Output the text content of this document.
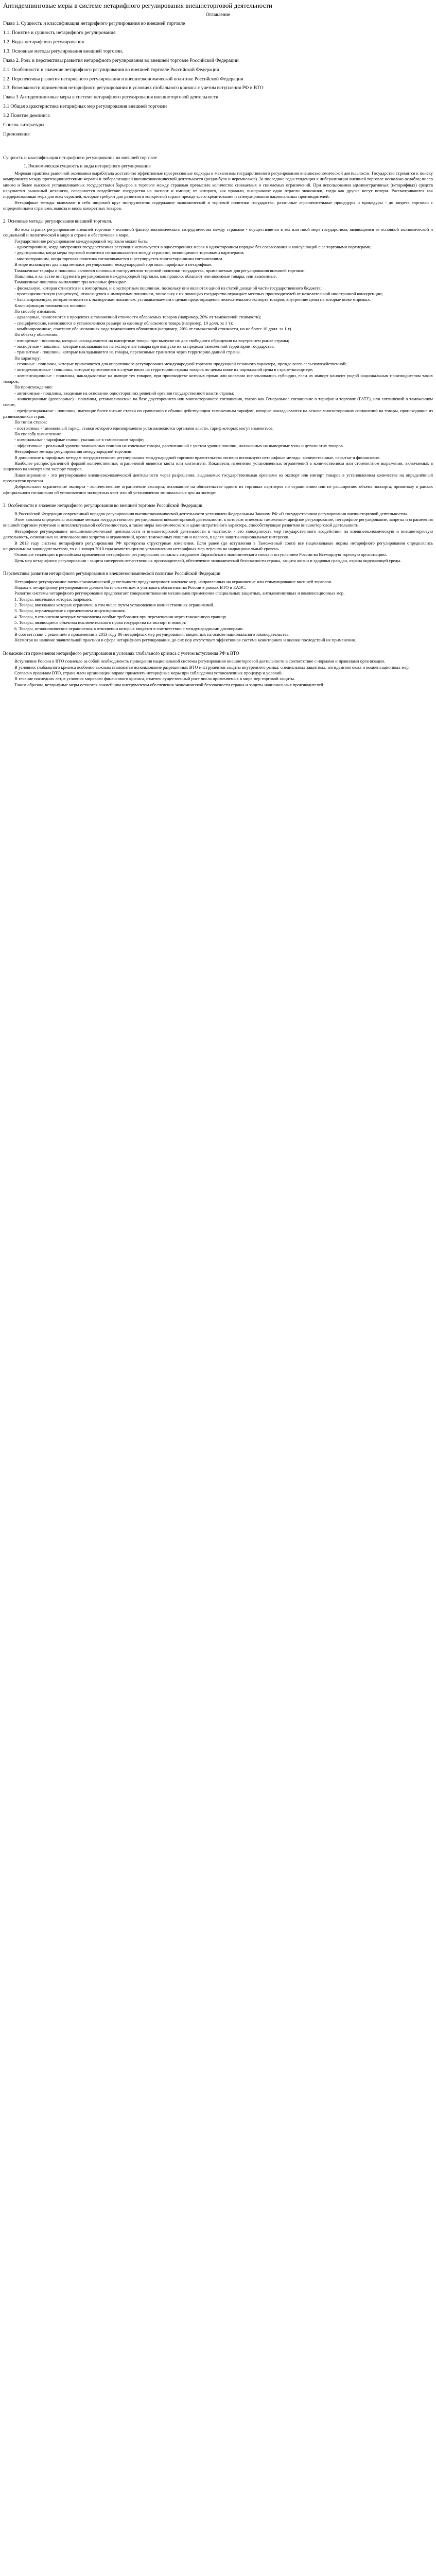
Антидемпинговые меры в системе нетарифного регулирования внешнеторговой деятельности
Оглавление
Глава 1. Сущность и классификация нетарифного регулирования во внешней торговле
1.1. Понятие и сущность нетарифного регулирования
1.2. Виды нетарифного регулирования
1.3. Основные методы регулирования внешней торговли.
Глава 2. Роль и перспективы развития нетарифного регулирования во внешней торговле Российской Федерации
2.1. Особенности и значение нетарифного регулирования во внешней торговле Российской Федерации
2.2. Перспективы развития нетарифного регулирования в внешнеэкономической политике Российской Федерации
2.3. Возможности применения нетарифного регулирования в условиях глобального кризиса с учетом вступления РФ в ВТО
Глава 3 Антидемпинговые меры в системе нетарифного регулирования внешнеторговой деятельности
3.1 Общая характеристика нетарифных мер регулирования внешней торговли
3.2 Понятие демпинга
Список литературы
Приложения
Сущность и классификация нетарифного регулирования во внешней торговле
1. Экономическая сущность и виды нетарифного регулирования

Мировая практика рыночной экономики выработала достаточно эффективные прогрессивные подходы и механизмы государственного регулирования внешнеэкономической деятельности. Государство стремится к поиску компромисса между протекционистскими мерами и либерализацией внешнеэкономической деятельности (розданбуло и черемисаков). За последние годы тенденция к либерализации внешней торговле несколько ослабла; число мнимо и более высоких устанавливаемых государствами барьеров в торговле между странами превысило количество снижаемых и снимаемых ограничений. При использовании административных (нетарифных) средств нарушается рыночный механизм, совершается воздействие государства на экспорт и импорт, от которого, как правило, выигрывают одни отрасли экономики, тогда как другие несут потери. Рассматриваются как поддерживающая мера для всех отраслей, которые требуют для развития в конкретной стране прежде всего кредитования и стимулирования национальных производителей.

Нетарифные методы включают в себя широкий круг инструментов: содержание экономической и торговой политики государства, различные ограничительные процедуры и процедуры - до запрета торговли с определёнными странами, вывоза и ввоза конкретных товаров.

2. Основные методы регулирования внешней торговли.

Во всех странах регулирование внешней торговли - основной фактор экономического сотрудничества между странами - осуществляется в тех или иной мере государством, являющимся ее основной экономической и социальной и политической в мире и стране и обеспечивая в мире.

Государственное регулирование международной торговли может быть:

- односторонним, когда внутренняя государственная регуляция используется в односторонних мерах в одностороннем порядке без согласования и консультаций с ее торговыми партнерами;

- двусторонним, когда меры торговой политики согласовываются между странами, являющимися торговыми партнерами;

- многосторонним, когда торговая политика согласовывается и регулируется многосторонними соглашениями.

В мире используют два вида методов регулирования международной торговли: тарифные и нетарифные.

Таможенные тарифы и пошлины являются основным инструментом торговой политики государства, применяемым для регулирования внешней торговли.

Пошлины, в качестве инструмента регулирования международной торговли, как правило, облагают или ввозимые товары, или вывозимые.

Таможенные пошлины выполняют три основные функции:

- фискальную, которая относится и к импортным, и к экспортным пошлинам, поскольку они являются одной из статей доходной части государственного бюджета;

- протекционистскую (защитную), относящуюся к импортным пошлинам, поскольку с их помощью государство ограждает местных производителей от нежелательной иностранной конкуренции;

- балансировочную, которая относится к экспортным пошлинам, устанавливаемым с целью предотвращения нежелательного экспорта товаров, внутренние цены на которые ниже мировых.

Классификация таможенных пошлин:

По способу взимания:

- адвалорные, начисляются в процентах к таможенной стоимости облагаемых товаров (например, 20% от таможенной стоимости);

- специфические, начисляются в установленном размере за единицу облагаемого товара (например, 10 долл. за 1 т);

- комбинированные, сочетают оба названных вида таможенного обложения (например, 20% от таможенной стоимости, но не более 10 долл. за 1 т).

По объекту обложения:

- импортные - пошлины, которые накладываются на импортные товары при выпуске их для свободного обращения на внутреннем рынке страны;

- экспортные - пошлины, которые накладываются на экспортные товары при выпуске их за пределы таможенной территории государства;

- транзитные - пошлины, которые накладываются на товары, перевозимые транзитом через территорию данной страны.

По характеру:

- сезонные - пошлины, которые применяются для оперативного регулирования международной торговли продукцией сезонного характера, прежде всего сельскохозяйственной;

- антидемпинговые - пошлины, которые применяются в случае ввоза на территорию страны товаров по ценам ниже их нормальной цены в стране-экспортере;

- компенсационные - пошлины, накладываемые на импорт тех товаров, при производстве которых прямо или косвенно использовались субсидии, если их импорт наносит ущерб национальным производителям таких товаров.

По происхождению:

- автономные - пошлины, вводимые на основании односторонних решений органов государственной власти страны;

- конвенционные (договорные) - пошлины, устанавливаемые на базе двустороннего или многостороннего соглашения, такого как Генеральное соглашение о тарифах и торговле (ГАТТ), или соглашений о таможенном союзе;

- преференциальные - пошлины, имеющие более низкие ставки по сравнению с обычно действующим таможенным тарифом, которые накладываются на основе многосторонних соглашений на товары, происходящие из развивающихся стран.

По типам ставок:

- постоянные - таможенный тариф, ставки которого единовременно устанавливаются органами власти, тариф которых могут изменяться.

По способу вычисления:

- номинальные - тарифные ставки, указанные в таможенном тарифе;

- эффективные - реальный уровень таможенных пошлин на конечные товары, рассчитанный с учетом уровня пошлин, наложенных на импортные узлы и детали этих товаров.

Нетарифные методы регулирования международной торговли.

В дополнение к тарифным методам государственного регулирования международной торговли правительства активно используют нетарифные методы: количественные, скрытые и финансовые.

Наиболее распространенной формой количественных ограничений является квота или контингент. Показатель изменения установленных ограничений в количественном или стоимостном выражении, включаемых в лицензию на импорт или экспорт товаров.

Лицензирование - это регулирование внешнеэкономической деятельности через разрешения, выдаваемые государственными органами на экспорт или импорт товаров в установленном количестве на определённый промежуток времени.

Добровольное ограничение экспорта - количественное ограничение экспорта, основанное на обязательстве одного из торговых партнеров по ограничению или не расширению объема экспорта, принятому в рамках официального соглашения об установлении экспортных квот или об установлении минимальных цен на экспорт.

3. Особенности и значение нетарифного регулирования во внешней торговле Российской Федерации

В Российской Федерации современный порядок регулирования внешнеэкономической деятельности установлен Федеральным Законом РФ «О государственном регулировании внешнеторговой деятельности».

Этим законом определены основные методы государственного регулирования внешнеторговой деятельности, к которым отнесены таможенно-тарифное регулирование, нетарифное регулирование, запреты и ограничения внешней торговли услугами и интеллектуальной собственностью, а также меры экономического и административного характера, способствующие развитию внешнеторговой деятельности.

Нетарифное регулирование внешнеэкономической деятельности и внешнеторговой деятельности в частности - это совокупность мер государственного воздействия на внешнеэкономическую и внешнеторговую деятельность, основанных на использовании запретов и ограничений, кроме таможенных пошлин и налогов, в целях защиты национальных интересов.

В 2013 году система нетарифного регулирования РФ претерпела структурные изменения. Если ранее (до вступления в Таможенный союз) все национальные нормы нетарифного регулирования определялись национальным законодательством, то с 1 января 2010 года компетенция по установлению нетарифных мер перешла на наднациональный уровень.

Основные тенденции в российском применении нетарифного регулирования связаны с созданием Евразийского экономического союза и вступлением России во Всемирную торговую организацию.

Цель мер нетарифного регулирования - защита интересов отечественных производителей, обеспечение экономической безопасности страны, защита жизни и здоровья граждан, охрана окружающей среды.

Перспективы развития нетарифного регулирования в внешнеэкономической политике Российской Федерации

Нетарифное регулирование внешнеэкономической деятельности предусматривает комплекс мер, направленных на ограничение или стимулирование внешней торговли.

Подход к нетарифному регулированию должен быть системным и учитывать обязательства России в рамках ВТО и ЕАЭС.

Развитие системы нетарифного регулирования предполагает совершенствование механизмов применения специальных защитных, антидемпинговых и компенсационных мер.

1. Товары, ввоз/вывоз которых запрещен.

2. Товары, ввоз/вывоз которых ограничен, в том числе путем установления количественных ограничений.

3. Товары, перемещаемые с применением лицензирования.

4. Товары, в отношении которых установлены особые требования при перемещении через таможенную границу.

5. Товары, являющиеся объектом исключительного права государства на экспорт и импорт.

6. Товары, неэкономические ограничения в отношении которых вводятся в соответствии с международными договорами.

В соответствии с решением о применении в 2013 году 86 нетарифных мер регулирования, введенных на основе национального законодательства.

Несмотря на наличие значительной практики в сфере нетарифного регулирования, до сих пор отсутствует эффективная система мониторинга и оценки последствий их применения.

Возможности применения нетарифного регулирования в условиях глобального кризиса с учетом вступления РФ в ВТО

Вступление России в ВТО повлекло за собой необходимость приведения национальной системы регулирования внешнеторговой деятельности в соответствие с нормами и правилами организации.

В условиях глобального кризиса особенно важным становится использование разрешенных ВТО инструментов защиты внутреннего рынка: специальных защитных, антидемпинговых и компенсационных мер.

Согласно правилам ВТО, страна-член организации вправе применять нетарифные меры при соблюдении установленных процедур и условий.

В течение последних лет, в условиях мирового финансового кризиса, отмечен существенный рост числа применяемых в мире мер торговой защиты.

Таким образом, нетарифные меры остаются важнейшим инструментом обеспечения экономической безопасности страны и защиты национальных производителей.
